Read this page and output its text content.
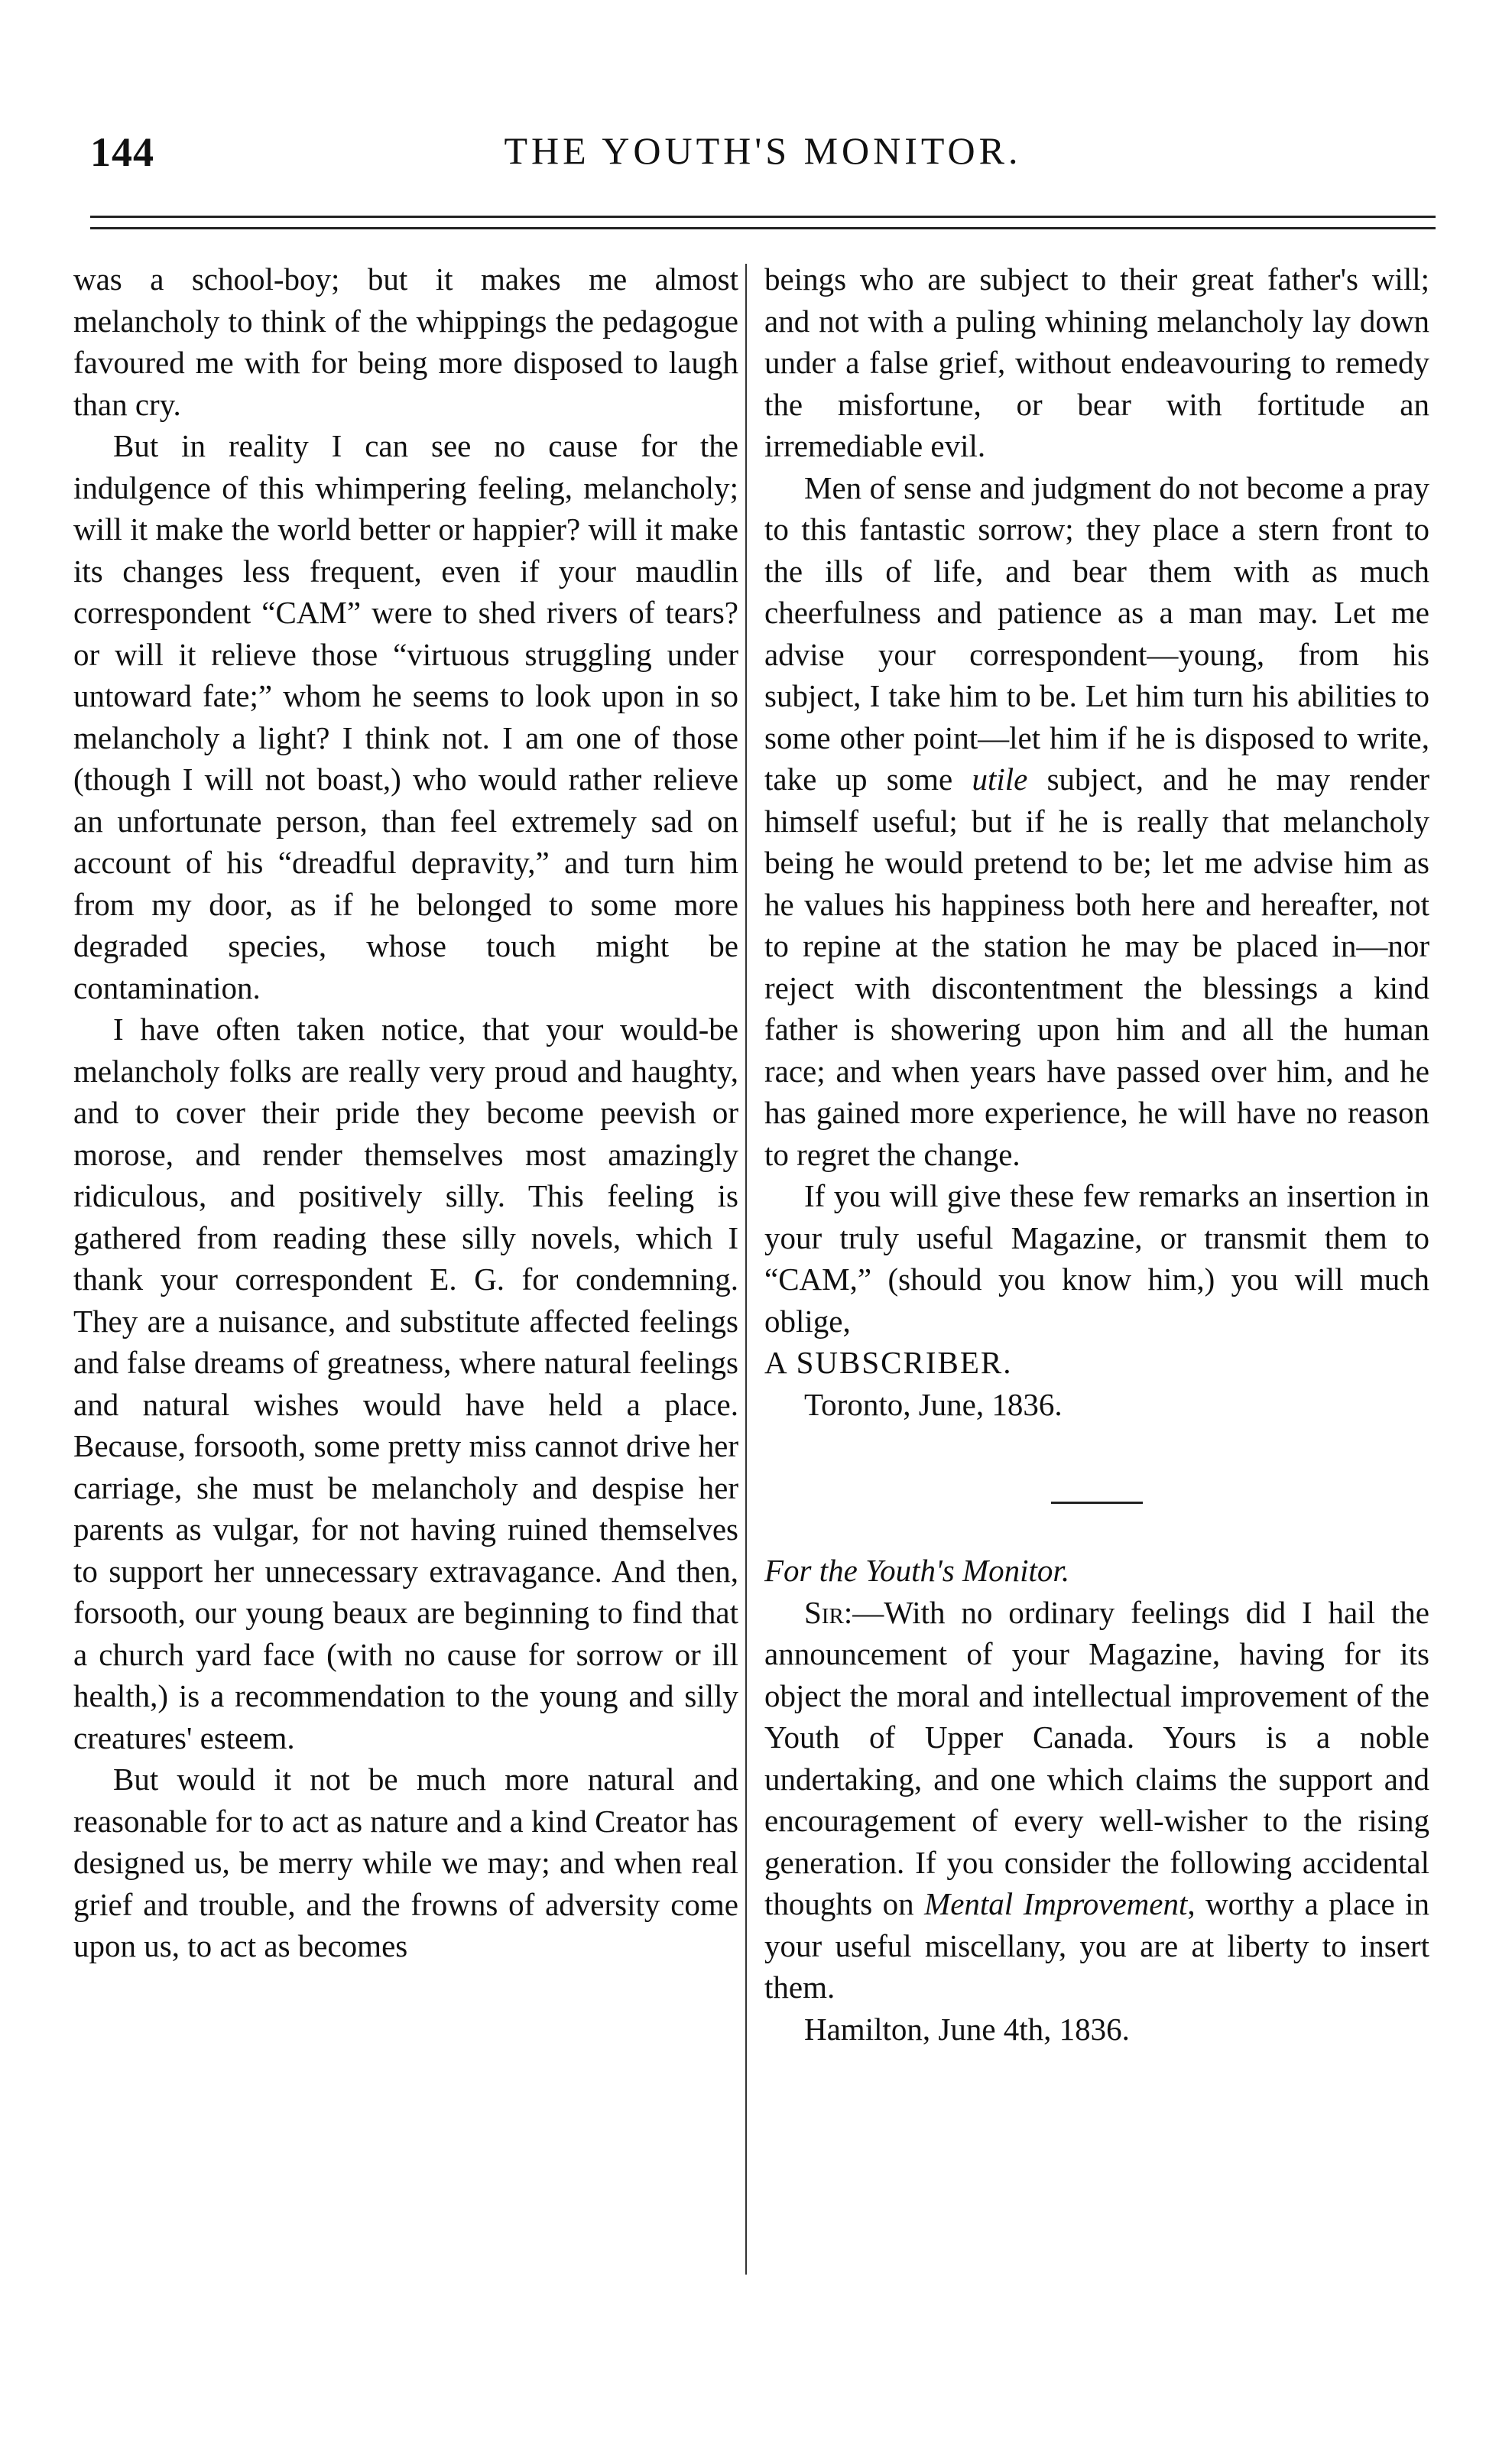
144	THE YOUTH'S MONITOR.

was a school-boy; but it makes me almost melancholy to think of the whippings the pedagogue favoured me with for being more disposed to laugh than cry.

But in reality I can see no cause for the indulgence of this whimpering feeling, melancholy; will it make the world better or happier? will it make its changes less frequent, even if your maudlin correspondent “CAM” were to shed rivers of tears? or will it relieve those “virtuous struggling under untoward fate;” whom he seems to look upon in so melancholy a light? I think not. I am one of those (though I will not boast,) who would rather relieve an unfortunate person, than feel extremely sad on account of his “dreadful depravity,” and turn him from my door, as if he belonged to some more degraded species, whose touch might be contamination.

I have often taken notice, that your would-be melancholy folks are really very proud and haughty, and to cover their pride they become peevish or morose, and render themselves most amazingly ridiculous, and positively silly. This feeling is gathered from reading these silly novels, which I thank your correspondent E. G. for condemning. They are a nuisance, and substitute affected feelings and false dreams of greatness, where natural feelings and natural wishes would have held a place. Because, forsooth, some pretty miss cannot drive her carriage, she must be melancholy and despise her parents as vulgar, for not having ruined themselves to support her unnecessary extravagance. And then, forsooth, our young beaux are beginning to find that a church yard face (with no cause for sorrow or ill health,) is a recommendation to the young and silly creatures' esteem.

But would it not be much more natural and reasonable for to act as nature and a kind Creator has designed us, be merry while we may; and when real grief and trouble, and the frowns of adversity come upon us, to act as becomes

beings who are subject to their great father's will; and not with a puling whining melancholy lay down under a false grief, without endeavouring to remedy the misfortune, or bear with fortitude an irremediable evil.

Men of sense and judgment do not become a pray to this fantastic sorrow; they place a stern front to the ills of life, and bear them with as much cheerfulness and patience as a man may. Let me advise your correspondent—young, from his subject, I take him to be. Let him turn his abilities to some other point—let him if he is disposed to write, take up some utile subject, and he may render himself useful; but if he is really that melancholy being he would pretend to be; let me advise him as he values his happiness both here and hereafter, not to repine at the station he may be placed in—nor reject with discontentment the blessings a kind father is showering upon him and all the human race; and when years have passed over him, and he has gained more experience, he will have no reason to regret the change.

If you will give these few remarks an insertion in your truly useful Magazine, or transmit them to “CAM,” (should you know him,) you will much oblige,

A SUBSCRIBER.

Toronto, June, 1836.

For the Youth's Monitor.

Sir:—With no ordinary feelings did I hail the announcement of your Magazine, having for its object the moral and intellectual improvement of the Youth of Upper Canada. Yours is a noble undertaking, and one which claims the support and encouragement of every well-wisher to the rising generation. If you consider the following accidental thoughts on Mental Improvement, worthy a place in your useful miscellany, you are at liberty to insert them.

Hamilton, June 4th, 1836.
